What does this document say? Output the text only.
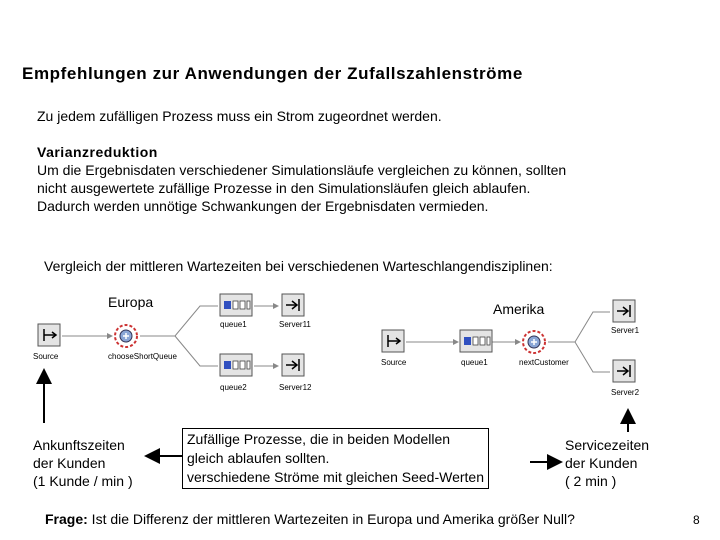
Empfehlungen zur Anwendungen der Zufallszahlenströme
Zu jedem zufälligen Prozess muss ein Strom zugeordnet werden.
Varianzreduktion
Um die Ergebnisdaten verschiedener Simulationsläufe vergleichen zu können, sollten
nicht ausgewertete zufällige Prozesse in den Simulationsläufen gleich ablaufen.
Dadurch werden unnötige Schwankungen der Ergebnisdaten vermieden.
Vergleich der mittleren Wartezeiten bei verschiedenen Warteschlangendisziplinen:
Europa	Amerika
Source	chooseShortQueue
queue1	Server11
queue2	Server12
Source	queue1	nextCustomer
Server1
Server2
Ankunftszeiten
der Kunden
(1 Kunde / min )
Zufällige Prozesse, die in beiden Modellen
gleich ablaufen sollten.
verschiedene Ströme mit gleichen Seed-Werten
Servicezeiten
der Kunden
( 2 min )
Frage: Ist die Differenz der mittleren Wartezeiten in Europa und Amerika größer Null?	8
